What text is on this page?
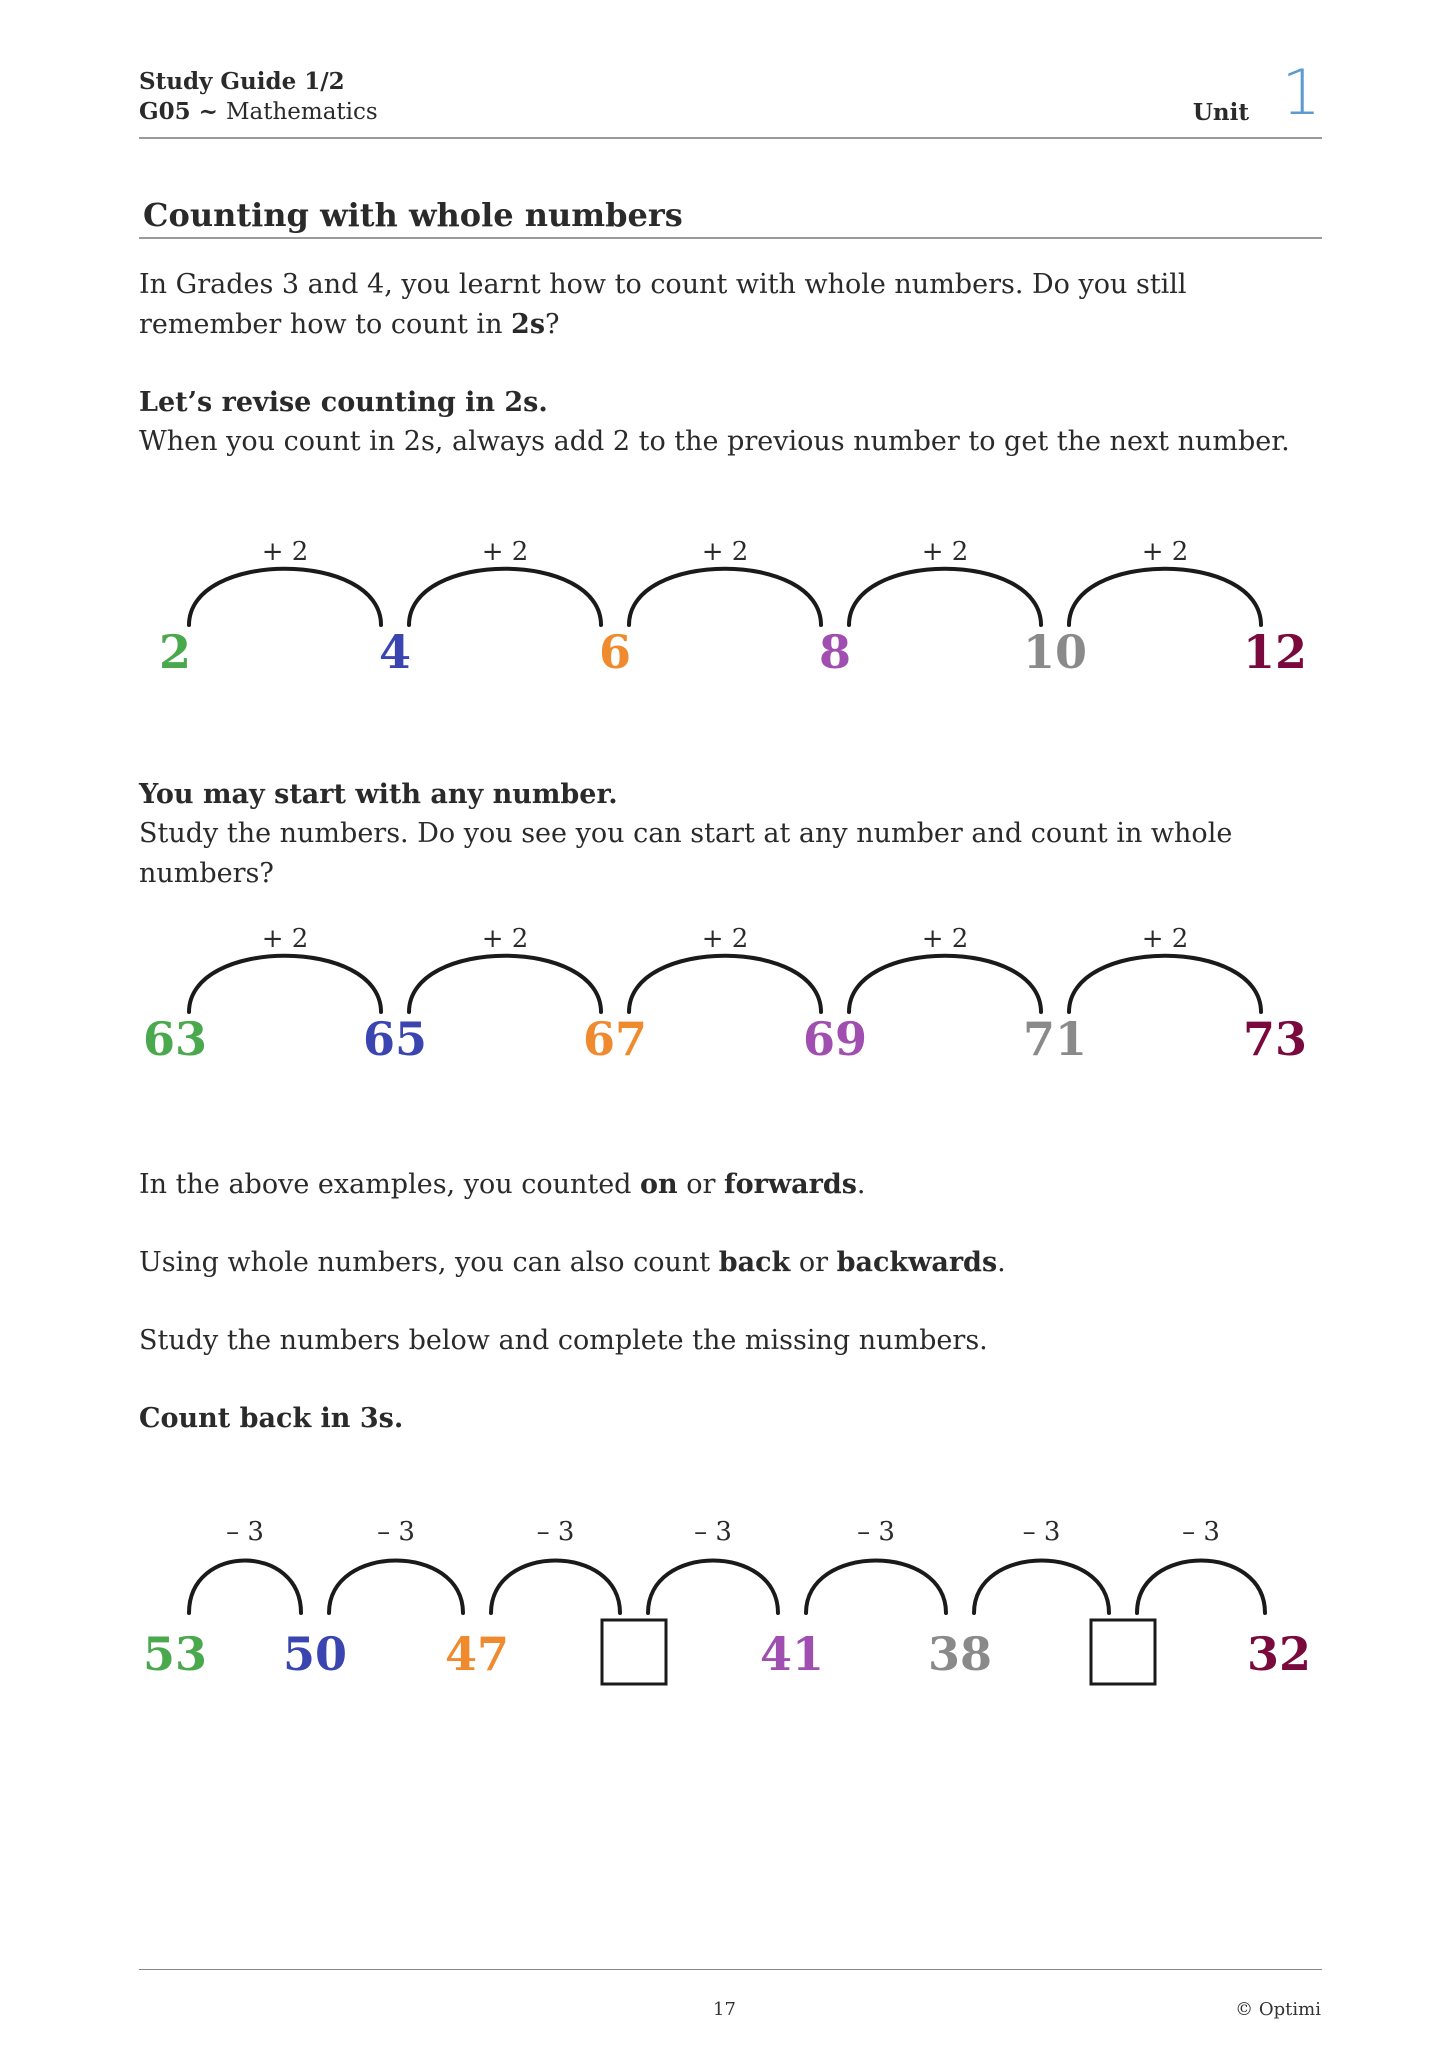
Study Guide 1/2
G05 ~ Mathematics	Unit 1
Counting with whole numbers
In Grades 3 and 4, you learnt how to count with whole numbers. Do you still remember how to count in 2s?
Let’s revise counting in 2s.
When you count in 2s, always add 2 to the previous number to get the next number.
+ 2	+ 2	+ 2	+ 2	+ 2
2	4	6	8	10	12
You may start with any number.
Study the numbers. Do you see you can start at any number and count in whole numbers?
+ 2	+ 2	+ 2	+ 2	+ 2
63	65	67	69	71	73
In the above examples, you counted on or forwards.
Using whole numbers, you can also count back or backwards.
Study the numbers below and complete the missing numbers.
Count back in 3s.
– 3	– 3	– 3	– 3	– 3	– 3	– 3
53 50 47	41 38	32
17	© Optimi
